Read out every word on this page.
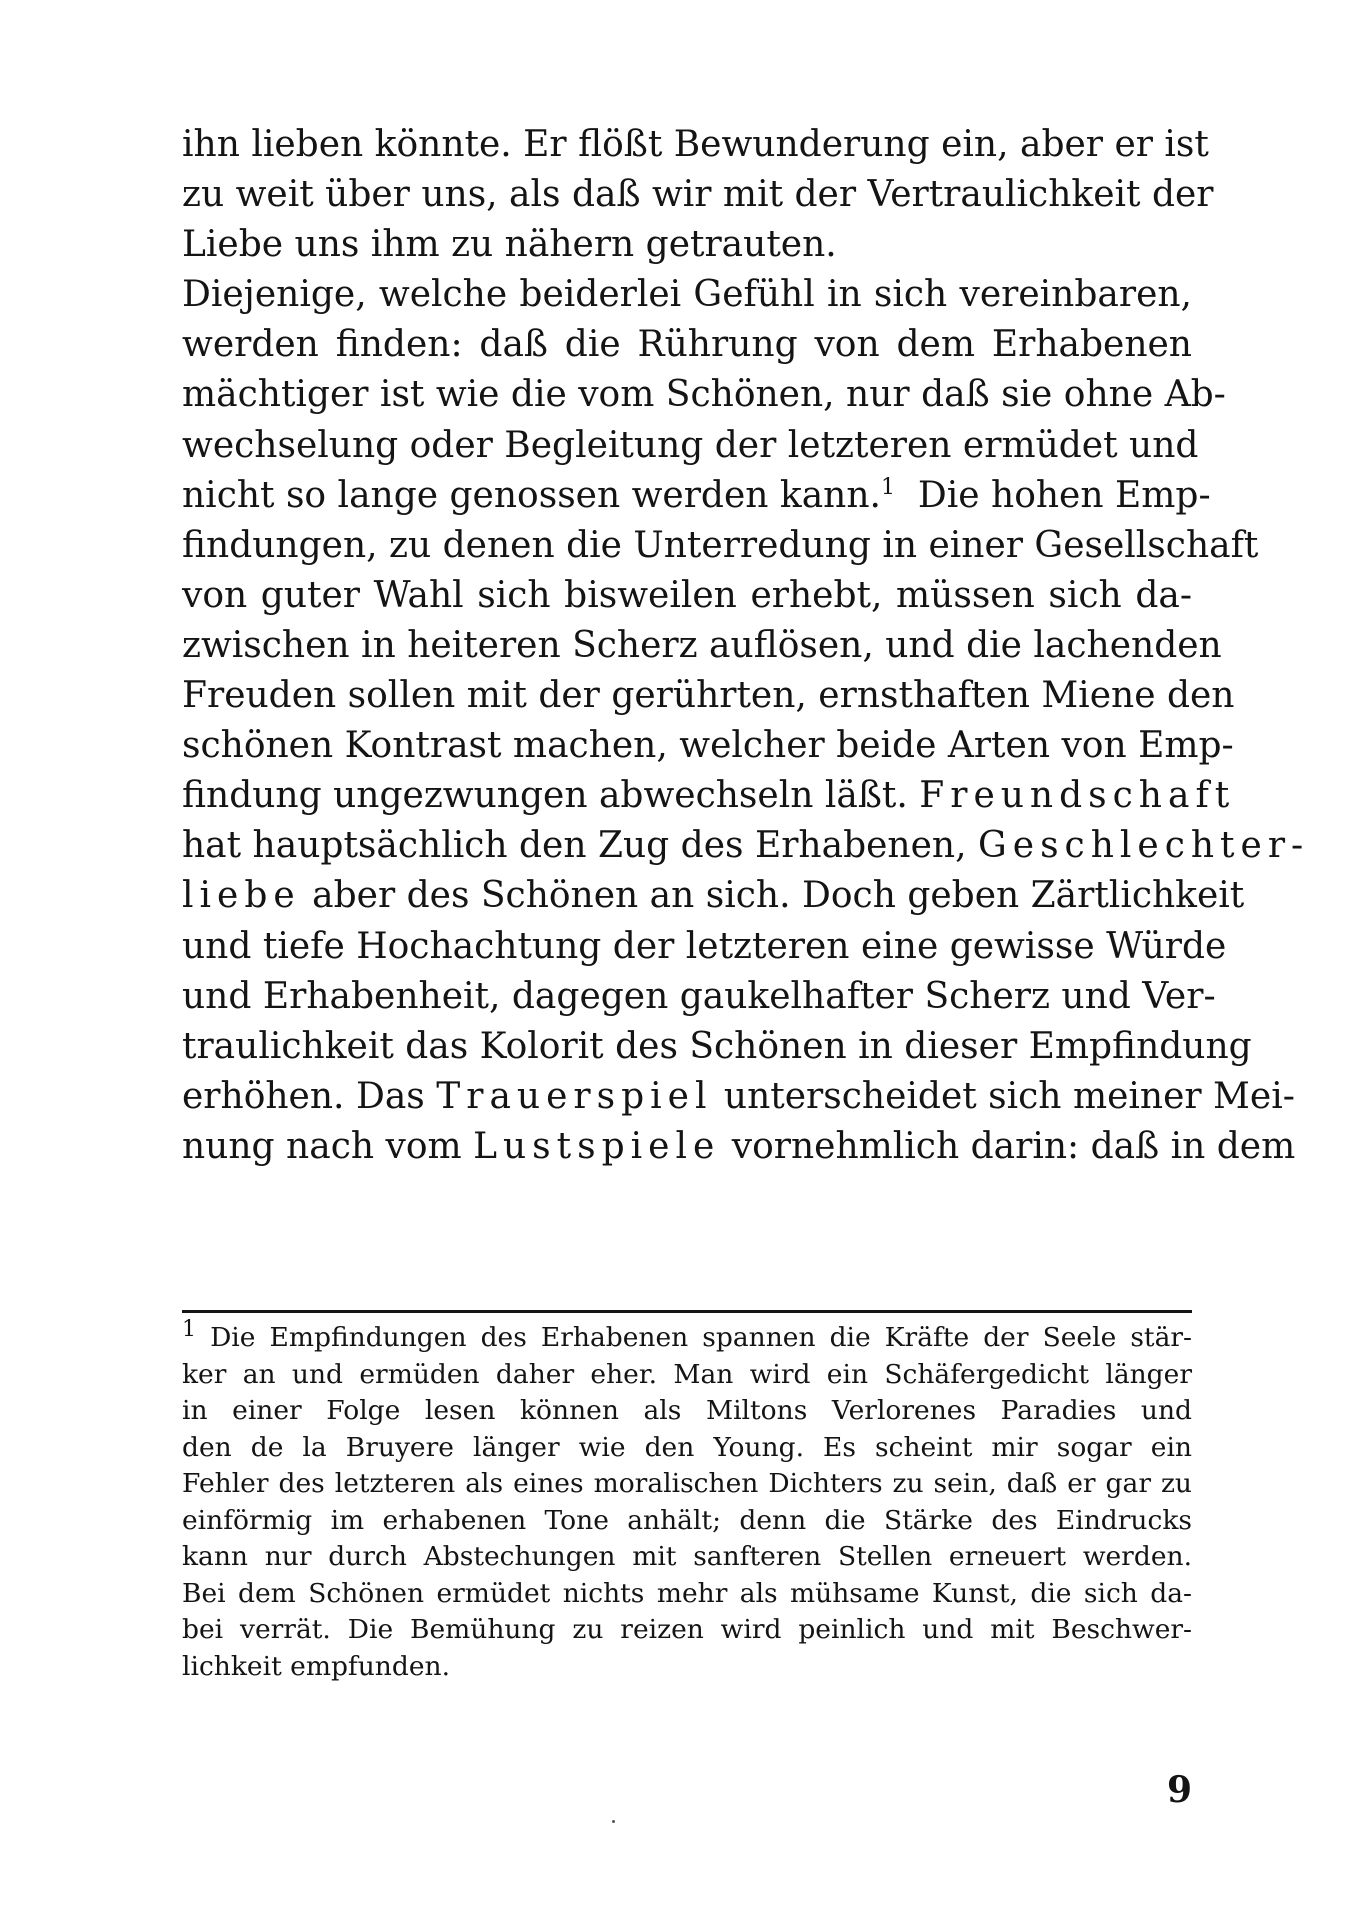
ihn lieben könnte. Er flößt Bewunderung ein, aber er ist
zu weit über uns, als daß wir mit der Vertraulichkeit der
Liebe uns ihm zu nähern getrauten.
Diejenige, welche beiderlei Gefühl in sich vereinbaren,
werden finden: daß die Rührung von dem Erhabenen
mächtiger ist wie die vom Schönen, nur daß sie ohne Ab-
wechselung oder Begleitung der letzteren ermüdet und
nicht so lange genossen werden kann.$^1$ Die hohen Emp-
findungen, zu denen die Unterredung in einer Gesellschaft
von guter Wahl sich bisweilen erhebt, müssen sich da-
zwischen in heiteren Scherz auflösen, und die lachenden
Freuden sollen mit der gerührten, ernsthaften Miene den
schönen Kontrast machen, welcher beide Arten von Emp-
findung ungezwungen abwechseln läßt. Freundschaft
hat hauptsächlich den Zug des Erhabenen, Geschlechter-
liebe aber des Schönen an sich. Doch geben Zärtlichkeit
und tiefe Hochachtung der letzteren eine gewisse Würde
und Erhabenheit, dagegen gaukelhafter Scherz und Ver-
traulichkeit das Kolorit des Schönen in dieser Empfindung
erhöhen. Das Trauerspiel unterscheidet sich meiner Mei-
nung nach vom Lustspiele vornehmlich darin: daß in dem
$^1$ Die Empfindungen des Erhabenen spannen die Kräfte der Seele stär-
ker an und ermüden daher eher. Man wird ein Schäfergedicht länger
in einer Folge lesen können als Miltons Verlorenes Paradies und
den de la Bruyere länger wie den Young. Es scheint mir sogar ein
Fehler des letzteren als eines moralischen Dichters zu sein, daß er gar zu
einförmig im erhabenen Tone anhält; denn die Stärke des Eindrucks
kann nur durch Abstechungen mit sanfteren Stellen erneuert werden.
Bei dem Schönen ermüdet nichts mehr als mühsame Kunst, die sich da-
bei verrät. Die Bemühung zu reizen wird peinlich und mit Beschwer-
lichkeit empfunden.
9
